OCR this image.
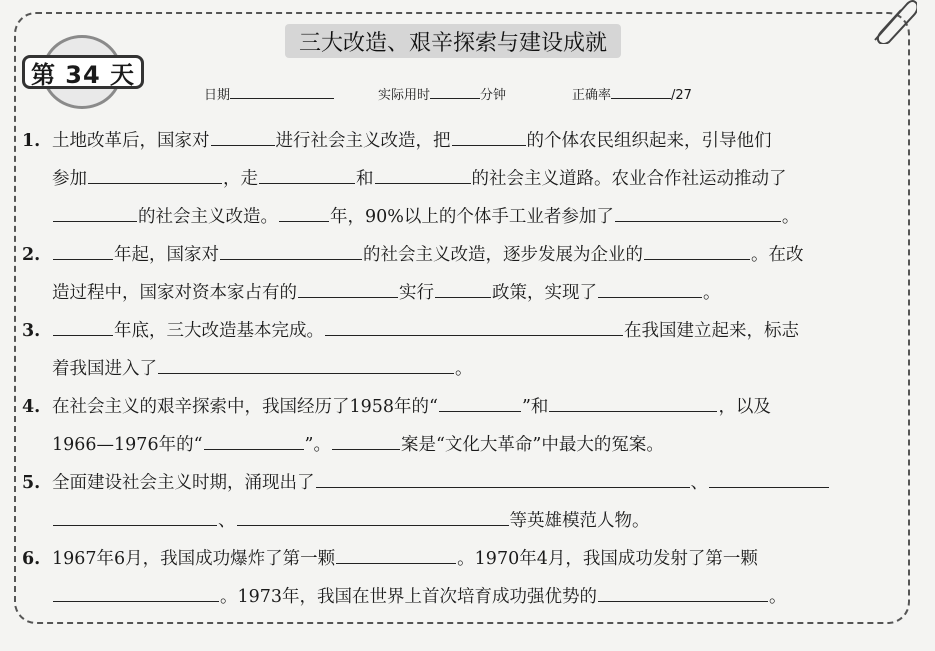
第 34 天
三大改造、艰辛探索与建设成就
日期	实际用时	分钟	正确率	/27
1. 土地改革后，国家对	进行社会主义改造，把	的个体农民组织起来，引导他们
参加	，走	和	的社会主义道路。农业合作社运动推动了
的社会主义改造。	年，90%以上的个体手工业者参加了	。
2.	年起，国家对	的社会主义改造，逐步发展为企业的	。在改
造过程中，国家对资本家占有的	实行	政策，实现了	。
3.	年底，三大改造基本完成。	在我国建立起来，标志
着我国进入了	。
4. 在社会主义的艰辛探索中，我国经历了1958年的“	”和	，以及
1966—1976年的“	”。	案是“文化大革命”中最大的冤案。
5. 全面建设社会主义时期，涌现出了	、
、	等英雄模范人物。
6. 1967年6月，我国成功爆炸了第一颗	。1970年4月，我国成功发射了第一颗
。1973年，我国在世界上首次培育成功强优势的	。
